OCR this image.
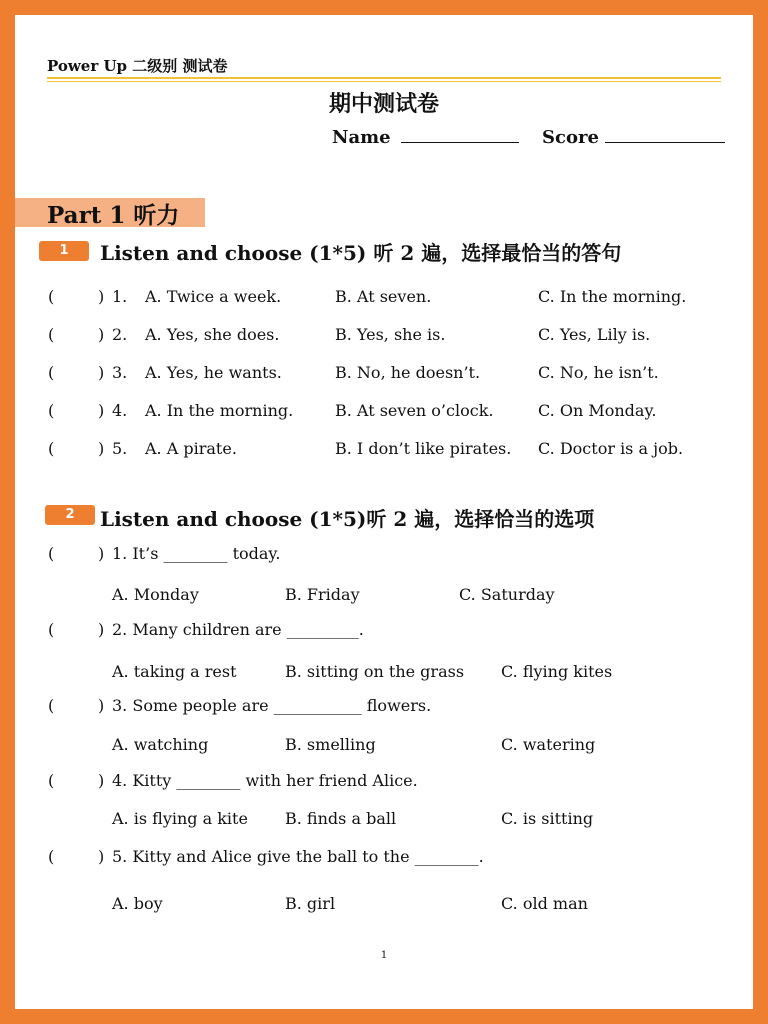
Power Up 二级别 测试卷
期中测试卷
Name	Score
Part 1 听力
1	Listen and choose (1*5) 听 2 遍，选择最恰当的答句
(	) 1. A. Twice a week.	B. At seven.	C. In the morning.
(	) 2. A. Yes, she does.	B. Yes, she is.	C. Yes, Lily is.
(	) 3. A. Yes, he wants.	B. No, he doesn’t.	C. No, he isn’t.
(	) 4. A. In the morning.	B. At seven o’clock.	C. On Monday.
(	) 5. A. A pirate.	B. I don’t like pirates. C. Doctor is a job.
2	Listen and choose (1*5)听 2 遍，选择恰当的选项
(	) 1. It’s ________ today.
A. Monday	B. Friday	C. Saturday
(	) 2. Many children are _________.
A. taking a rest	B. sitting on the grass C. flying kites
(	) 3. Some people are ___________ flowers.
A. watching	B. smelling	C. watering
(	) 4. Kitty ________ with her friend Alice.
A. is flying a kite B. finds a ball	C. is sitting
(	) 5. Kitty and Alice give the ball to the ________.
A. boy	B. girl	C. old man
1
